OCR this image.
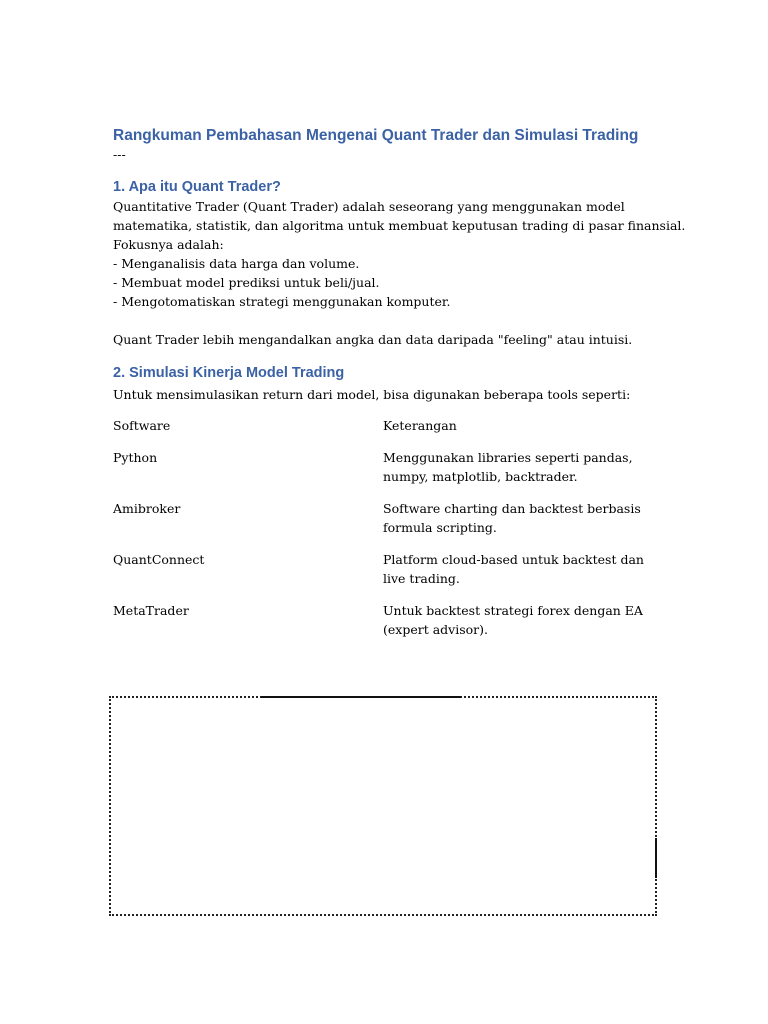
Rangkuman Pembahasan Mengenai Quant Trader dan Simulasi Trading
---
1. Apa itu Quant Trader?

Quantitative Trader (Quant Trader) adalah seseorang yang menggunakan model
matematika, statistik, dan algoritma untuk membuat keputusan trading di pasar finansial.
Fokusnya adalah:

- Menganalisis data harga dan volume.
- Membuat model prediksi untuk beli/jual.
- Mengotomatiskan strategi menggunakan komputer.

Quant Trader lebih mengandalkan angka dan data daripada "feeling" atau intuisi.

2. Simulasi Kinerja Model Trading

Untuk mensimulasikan return dari model, bisa digunakan beberapa tools seperti:

Software	Keterangan
Python	Menggunakan libraries seperti pandas,
numpy, matplotlib, backtrader.
Amibroker	Software charting dan backtest berbasis
formula scripting.
QuantConnect	Platform cloud-based untuk backtest dan
live trading.
MetaTrader	Untuk backtest strategi forex dengan EA
(expert advisor).
